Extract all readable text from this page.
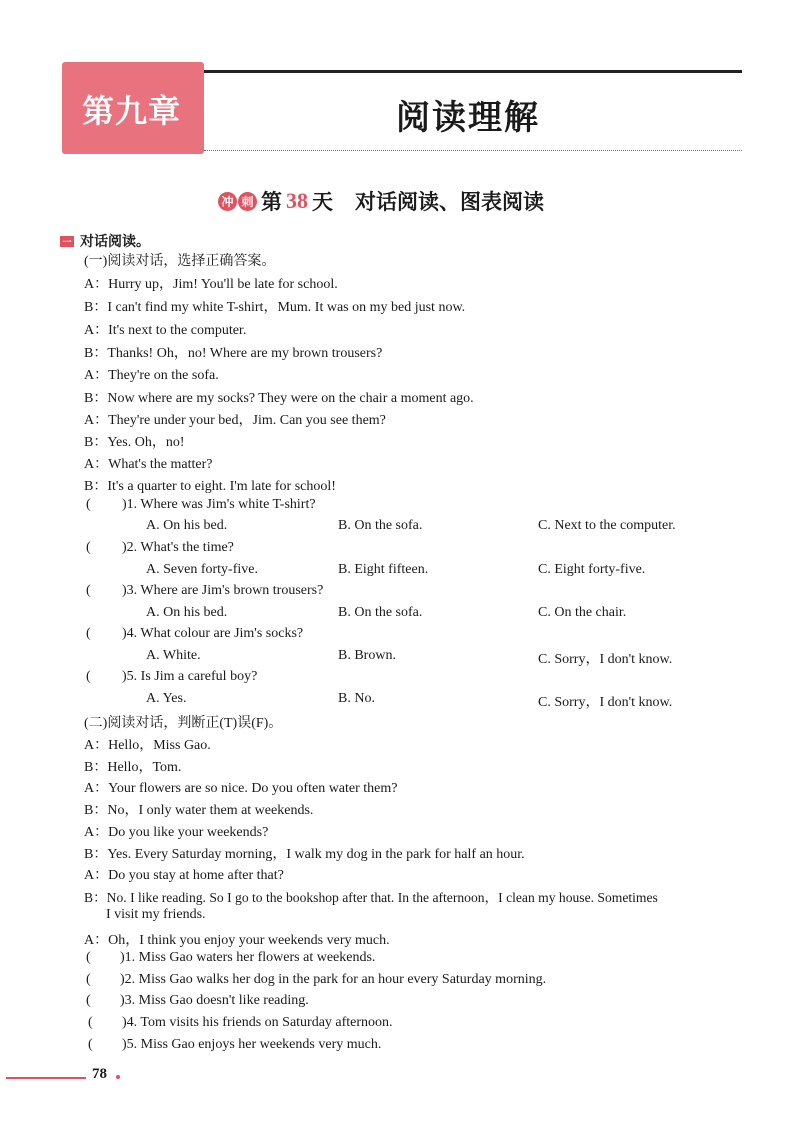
第九章	阅读理解
冲 刺 第 38 天 对话阅读、图表阅读
一 对话阅读。
(一)阅读对话，选择正确答案。
A：Hurry up，Jim! You'll be late for school.
B：I can't find my white T-shirt，Mum. It was on my bed just now.
A：It's next to the computer.
B：Thanks! Oh，no! Where are my brown trousers?
A：They're on the sofa.
B：Now where are my socks? They were on the chair a moment ago.
A：They're under your bed，Jim. Can you see them?
B：Yes. Oh，no!
A：What's the matter?
B：It's a quarter to eight. I'm late for school!
( )1. Where was Jim's white T-shirt?
A. On his bed.	B. On the sofa.	C. Next to the computer.
( )2. What's the time?
A. Seven forty-five.	B. Eight fifteen.	C. Eight forty-five.
( )3. Where are Jim's brown trousers?
A. On his bed.	B. On the sofa.	C. On the chair.
( )4. What colour are Jim's socks?
A. White.	B. Brown.	C. Sorry，I don't know.
( )5. Is Jim a careful boy?
A. Yes.	B. No.	C. Sorry，I don't know.
(二)阅读对话，判断正(T)误(F)。
A：Hello，Miss Gao.
B：Hello，Tom.
A：Your flowers are so nice. Do you often water them?
B：No，I only water them at weekends.
A：Do you like your weekends?
B：Yes. Every Saturday morning，I walk my dog in the park for half an hour.
A：Do you stay at home after that?
B：No. I like reading. So I go to the bookshop after that. In the afternoon，I clean my house. Sometimes
I visit my friends.
A：Oh，I think you enjoy your weekends very much.
( )1. Miss Gao waters her flowers at weekends.
( )2. Miss Gao walks her dog in the park for an hour every Saturday morning.
( )3. Miss Gao doesn't like reading.
( )4. Tom visits his friends on Saturday afternoon.
( )5. Miss Gao enjoys her weekends very much.
78
